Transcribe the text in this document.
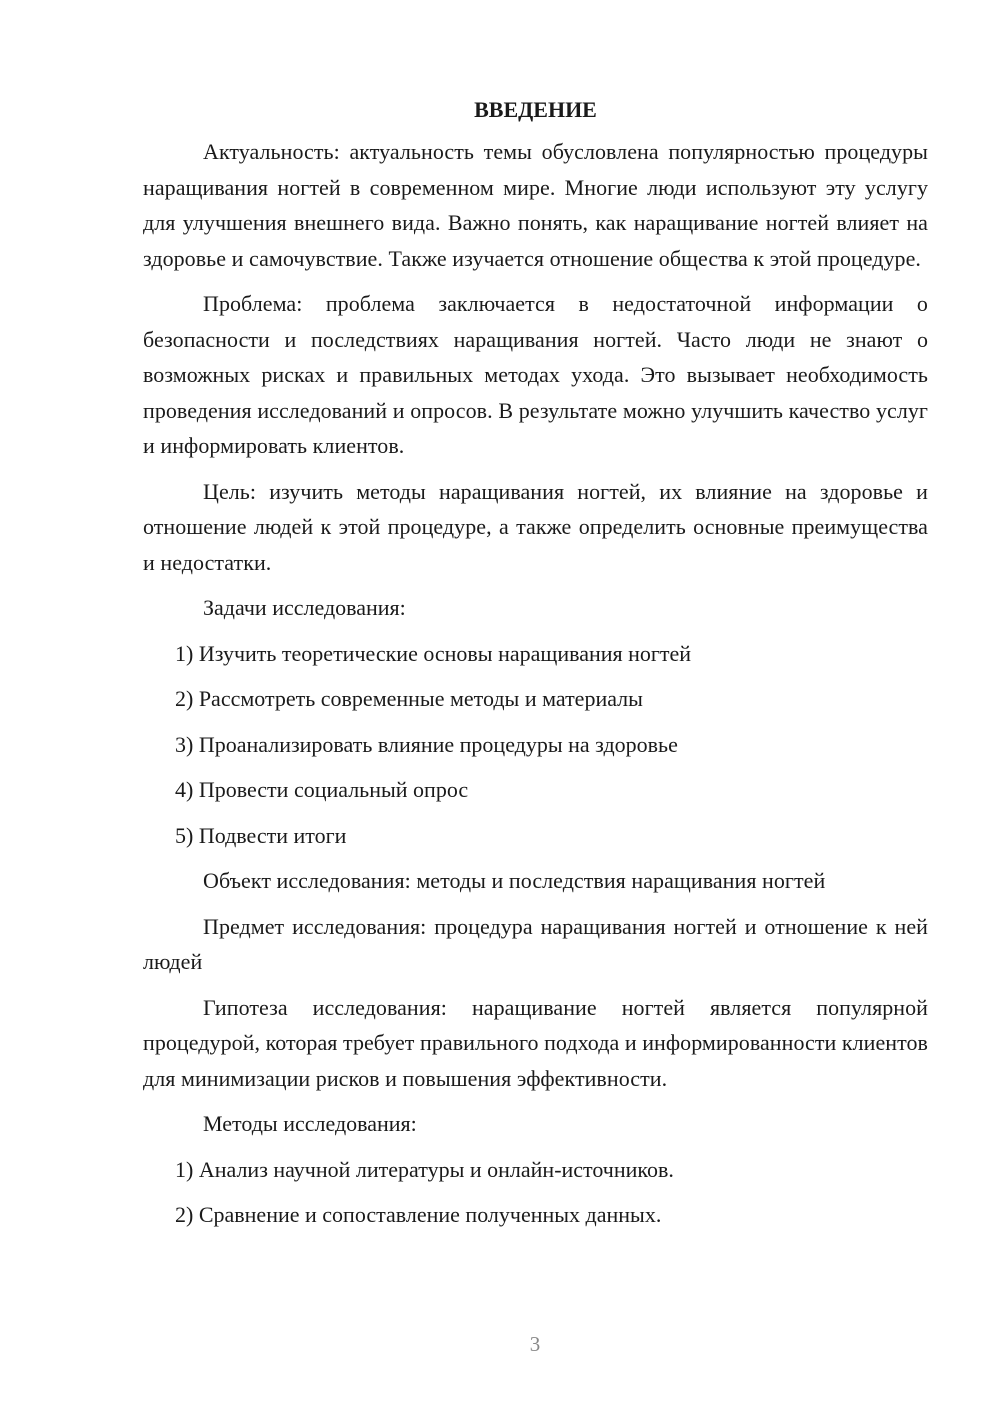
ВВЕДЕНИЕ

Актуальность: актуальность темы обусловлена популярностью процедуры наращивания ногтей в современном мире. Многие люди используют эту услугу для улучшения внешнего вида. Важно понять, как наращивание ногтей влияет на здоровье и самочувствие. Также изучается отношение общества к этой процедуре.

Проблема: проблема заключается в недостаточной информации о безопасности и последствиях наращивания ногтей. Часто люди не знают о возможных рисках и правильных методах ухода. Это вызывает необходимость проведения исследований и опросов. В результате можно улучшить качество услуг и информировать клиентов.

Цель: изучить методы наращивания ногтей, их влияние на здоровье и отношение людей к этой процедуре, а также определить основные преимущества и недостатки.

Задачи исследования:

1) Изучить теоретические основы наращивания ногтей
2) Рассмотреть современные методы и материалы
3) Проанализировать влияние процедуры на здоровье
4) Провести социальный опрос
5) Подвести итоги

Объект исследования: методы и последствия наращивания ногтей

Предмет исследования: процедура наращивания ногтей и отношение к ней людей

Гипотеза исследования: наращивание ногтей является популярной процедурой, которая требует правильного подхода и информированности клиентов для минимизации рисков и повышения эффективности.

Методы исследования:

1) Анализ научной литературы и онлайн-источников.
2) Сравнение и сопоставление полученных данных.
3
